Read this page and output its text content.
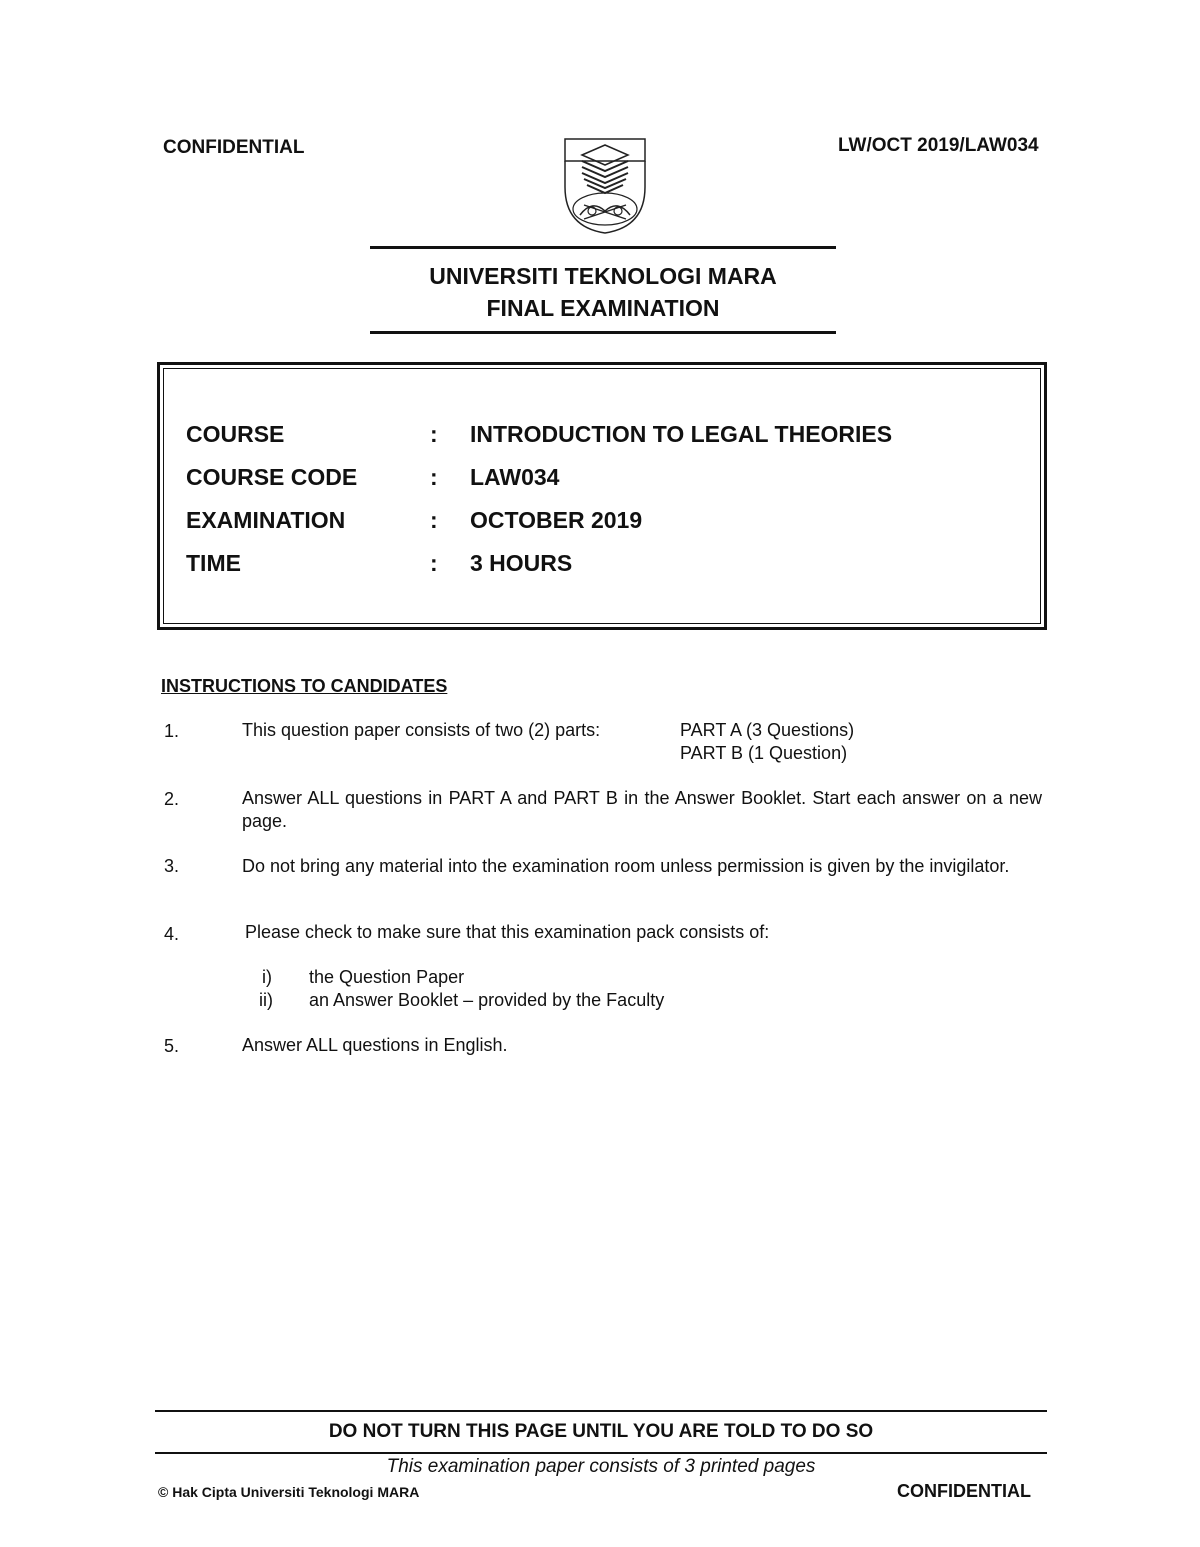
CONFIDENTIAL	LW/OCT 2019/LAW034
UNIVERSITI TEKNOLOGI MARA
FINAL EXAMINATION
COURSE	: INTRODUCTION TO LEGAL THEORIES
COURSE CODE	: LAW034
EXAMINATION	: OCTOBER 2019
TIME	: 3 HOURS
INSTRUCTIONS TO CANDIDATES
1.	This question paper consists of two (2) parts:	PART A (3 Questions)
PART B (1 Question)
2.	Answer ALL questions in PART A and PART B in the Answer Booklet. Start each answer on a new page.
3.	Do not bring any material into the examination room unless permission is given by the invigilator.
4.	Please check to make sure that this examination pack consists of:
i) the Question Paper
ii) an Answer Booklet – provided by the Faculty
5.	Answer ALL questions in English.
DO NOT TURN THIS PAGE UNTIL YOU ARE TOLD TO DO SO
This examination paper consists of 3 printed pages
© Hak Cipta Universiti Teknologi MARA	CONFIDENTIAL
